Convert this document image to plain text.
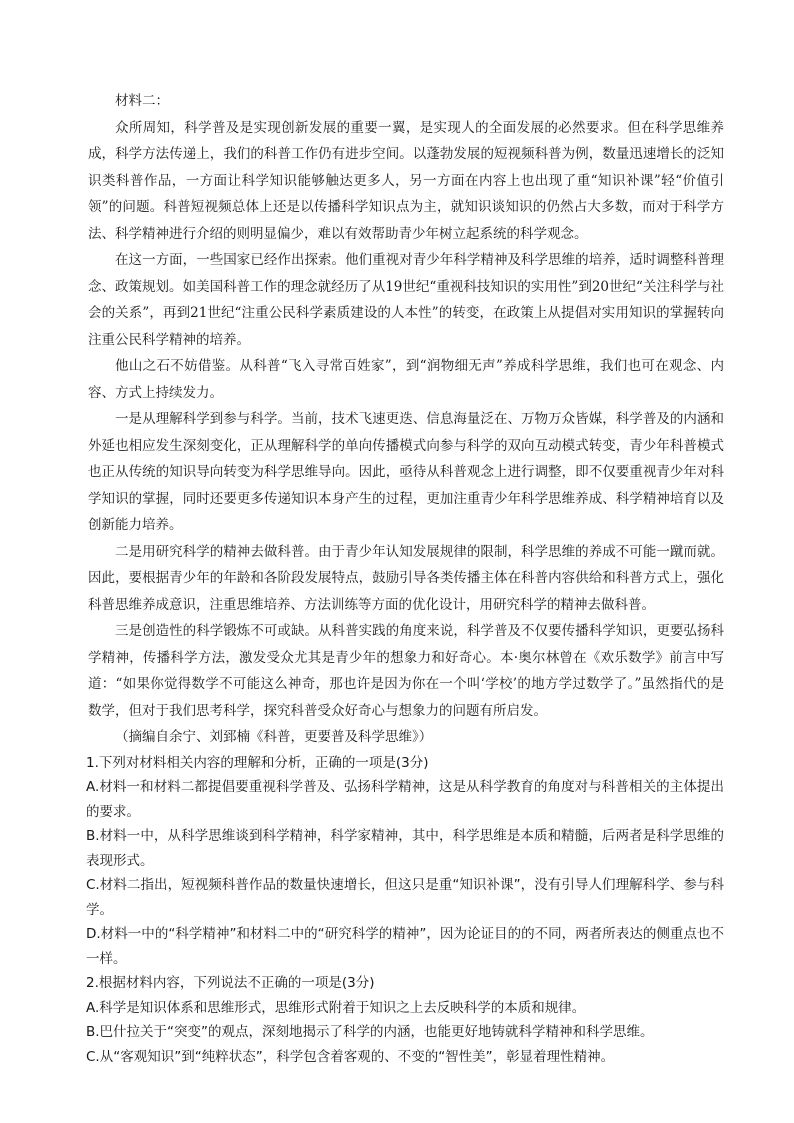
材料二：

众所周知，科学普及是实现创新发展的重要一翼，是实现人的全面发展的必然要求。但在科学思维养成，科学方法传递上，我们的科普工作仍有进步空间。以蓬勃发展的短视频科普为例，数量迅速增长的泛知识类科普作品，一方面让科学知识能够触达更多人，另一方面在内容上也出现了重“知识补课”轻“价值引领”的问题。科普短视频总体上还是以传播科学知识点为主，就知识谈知识的仍然占大多数，而对于科学方法、科学精神进行介绍的则明显偏少，难以有效帮助青少年树立起系统的科学观念。

在这一方面，一些国家已经作出探索。他们重视对青少年科学精神及科学思维的培养，适时调整科普理念、政策规划。如美国科普工作的理念就经历了从19世纪“重视科技知识的实用性”到20世纪“关注科学与社会的关系”，再到21世纪“注重公民科学素质建设的人本性”的转变，在政策上从提倡对实用知识的掌握转向注重公民科学精神的培养。

他山之石不妨借鉴。从科普“飞入寻常百姓家”，到“润物细无声”养成科学思维，我们也可在观念、内容、方式上持续发力。

一是从理解科学到参与科学。当前，技术飞速更迭、信息海量泛在、万物万众皆媒，科学普及的内涵和外延也相应发生深刻变化，正从理解科学的单向传播模式向参与科学的双向互动模式转变，青少年科普模式也正从传统的知识导向转变为科学思维导向。因此，亟待从科普观念上进行调整，即不仅要重视青少年对科学知识的掌握，同时还要更多传递知识本身产生的过程，更加注重青少年科学思维养成、科学精神培育以及创新能力培养。

二是用研究科学的精神去做科普。由于青少年认知发展规律的限制，科学思维的养成不可能一蹴而就。因此，要根据青少年的年龄和各阶段发展特点，鼓励引导各类传播主体在科普内容供给和科普方式上，强化科普思维养成意识，注重思维培养、方法训练等方面的优化设计，用研究科学的精神去做科普。

三是创造性的科学锻炼不可或缺。从科普实践的角度来说，科学普及不仅要传播科学知识，更要弘扬科学精神，传播科学方法，激发受众尤其是青少年的想象力和好奇心。本·奥尔林曾在《欢乐数学》前言中写道：“如果你觉得数学不可能这么神奇，那也许是因为你在一个叫‘学校’的地方学过数学了。”虽然指代的是数学，但对于我们思考科学，探究科普受众好奇心与想象力的问题有所启发。

（摘编自余宁、刘郅楠《科普，更要普及科学思维》）

1.下列对材料相关内容的理解和分析，正确的一项是(3分)

A.材料一和材料二都提倡要重视科学普及、弘扬科学精神，这是从科学教育的角度对与科普相关的主体提出的要求。

B.材料一中，从科学思维谈到科学精神，科学家精神，其中，科学思维是本质和精髓，后两者是科学思维的表现形式。

C.材料二指出，短视频科普作品的数量快速增长，但这只是重“知识补课”，没有引导人们理解科学、参与科学。

D.材料一中的“科学精神”和材料二中的“研究科学的精神”，因为论证目的的不同，两者所表达的侧重点也不一样。

2.根据材料内容，下列说法不正确的一项是(3分)

A.科学是知识体系和思维形式，思维形式附着于知识之上去反映科学的本质和规律。

B.巴什拉关于“突变”的观点，深刻地揭示了科学的内涵，也能更好地铸就科学精神和科学思维。

C.从“客观知识”到“纯粹状态”，科学包含着客观的、不变的“智性美”，彰显着理性精神。
